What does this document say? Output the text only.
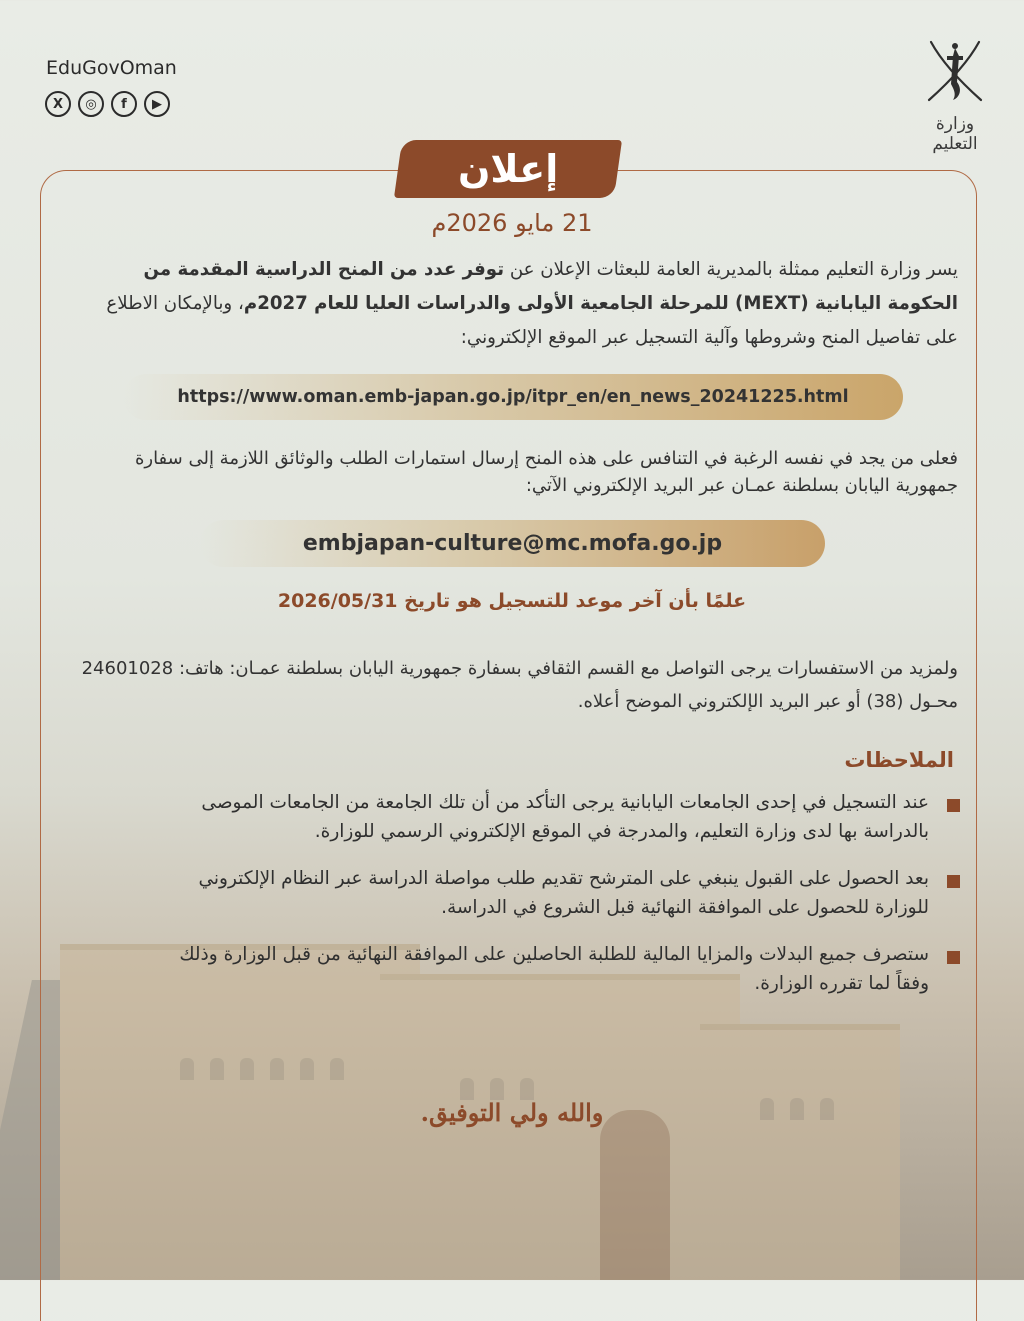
EduGovOman
X	◎	f	▶
وزارة التعليم
إعلان
21 مايو 2026م
يسر وزارة التعليم ممثلة بالمديرية العامة للبعثات الإعلان عن توفر عدد من المنح الدراسية المقدمة من الحكومة اليابانية (MEXT) للمرحلة الجامعية الأولى والدراسات العليا للعام 2027م، وبالإمكان الاطلاع على تفاصيل المنح وشروطها وآلية التسجيل عبر الموقع الإلكتروني:
https://www.oman.emb-japan.go.jp/itpr_en/en_news_20241225.html
فعلى من يجد في نفسه الرغبة في التنافس على هذه المنح إرسال استمارات الطلب والوثائق اللازمة إلى سفارة جمهورية اليابان بسلطنة عمـان عبر البريد الإلكتروني الآتي:
embjapan-culture@mc.mofa.go.jp
علمًا بأن آخر موعد للتسجيل هو تاريخ 2026/05/31
ولمزيد من الاستفسارات يرجى التواصل مع القسم الثقافي بسفارة جمهورية اليابان بسلطنة عمـان: هاتف: 24601028 محـول (38) أو عبر البريد الإلكتروني الموضح أعلاه.
الملاحظات
عند التسجيل في إحدى الجامعات اليابانية يرجى التأكد من أن تلك الجامعة من الجامعات الموصى بالدراسة بها لدى وزارة التعليم، والمدرجة في الموقع الإلكتروني الرسمي للوزارة.
بعد الحصول على القبول ينبغي على المترشح تقديم طلب مواصلة الدراسة عبر النظام الإلكتروني للوزارة للحصول على الموافقة النهائية قبل الشروع في الدراسة.
ستصرف جميع البدلات والمزايا المالية للطلبة الحاصلين على الموافقة النهائية من قبل الوزارة وذلك وفقاً لما تقرره الوزارة.
والله ولي التوفيق.
